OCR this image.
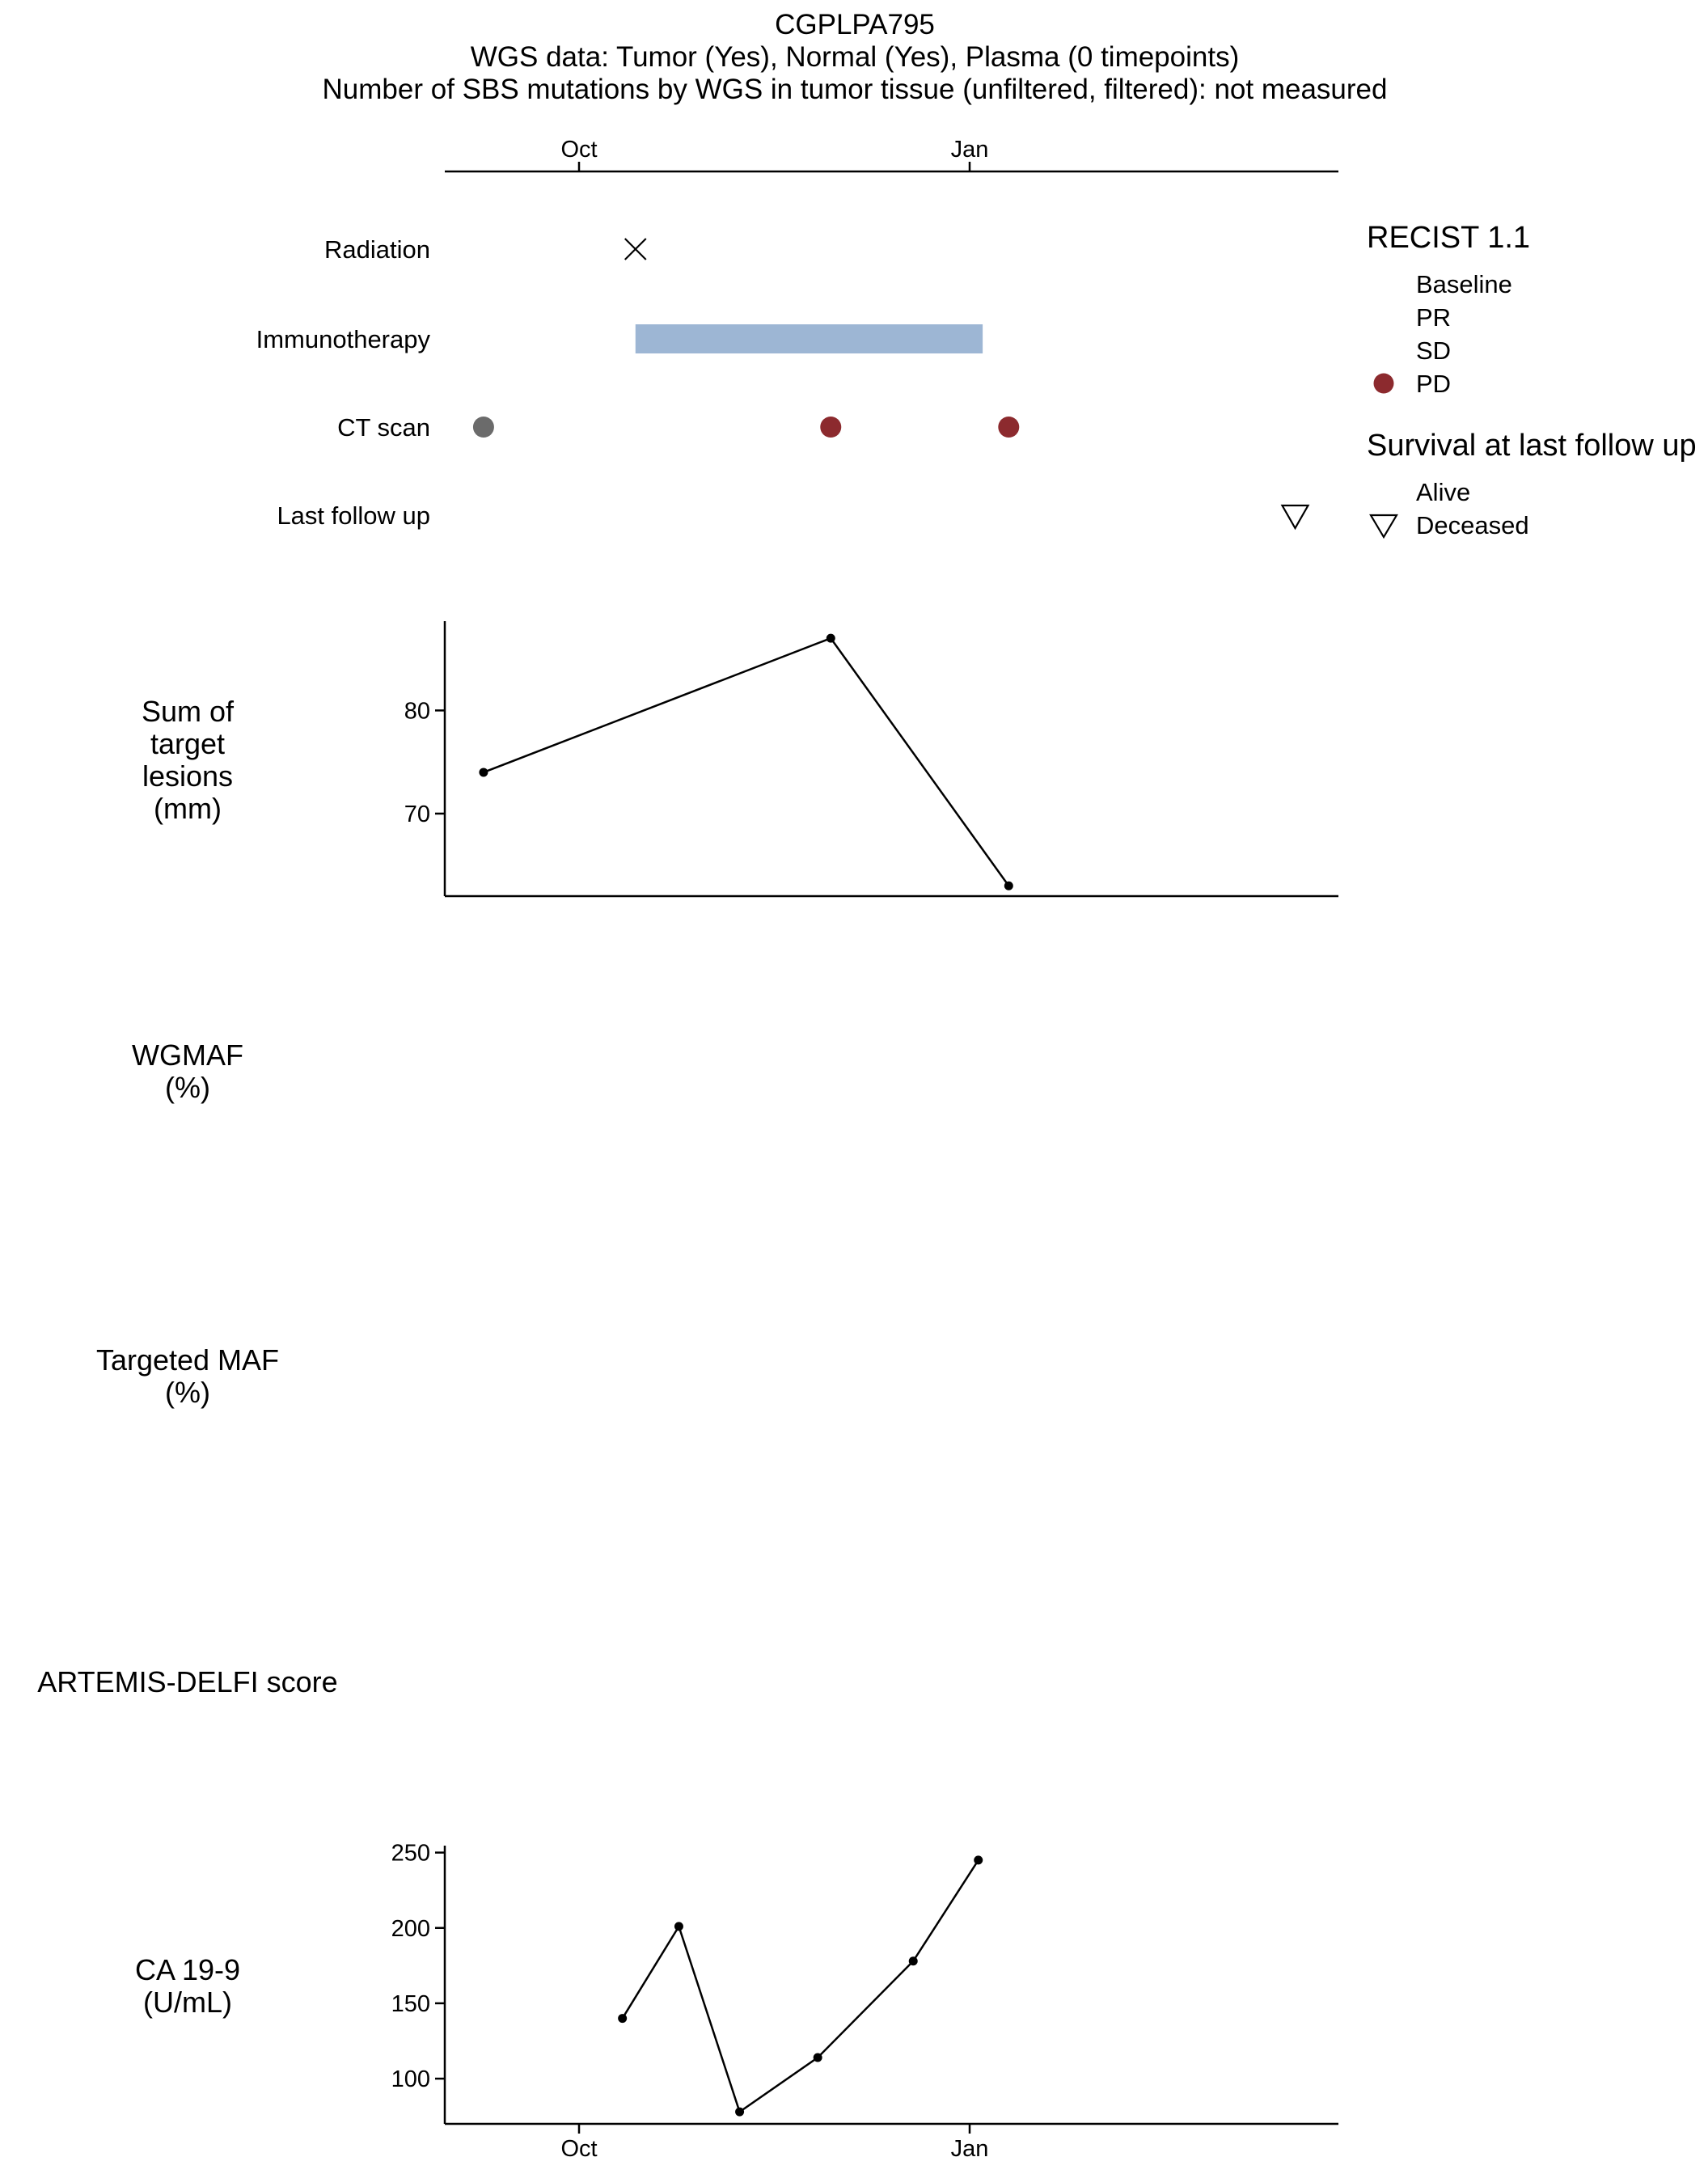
CGPLPA795
WGS data: Tumor (Yes), Normal (Yes), Plasma (0 timepoints)
Number of SBS mutations by WGS in tumor tissue (unfiltered, filtered): not measured
Oct	Jan
Radiation
Immunotherapy
CT scan
Last follow up
RECIST 1.1
Baseline
PR
SD
PD
Survival at last follow up
Alive
Deceased
Sum of
target
lesions
(mm)	70
80
WGMAF
(%)
Targeted MAF
(%)
ARTEMIS-DELFI score
CA 19-9
(U/mL)
100
150
200
250
Oct	Jan
